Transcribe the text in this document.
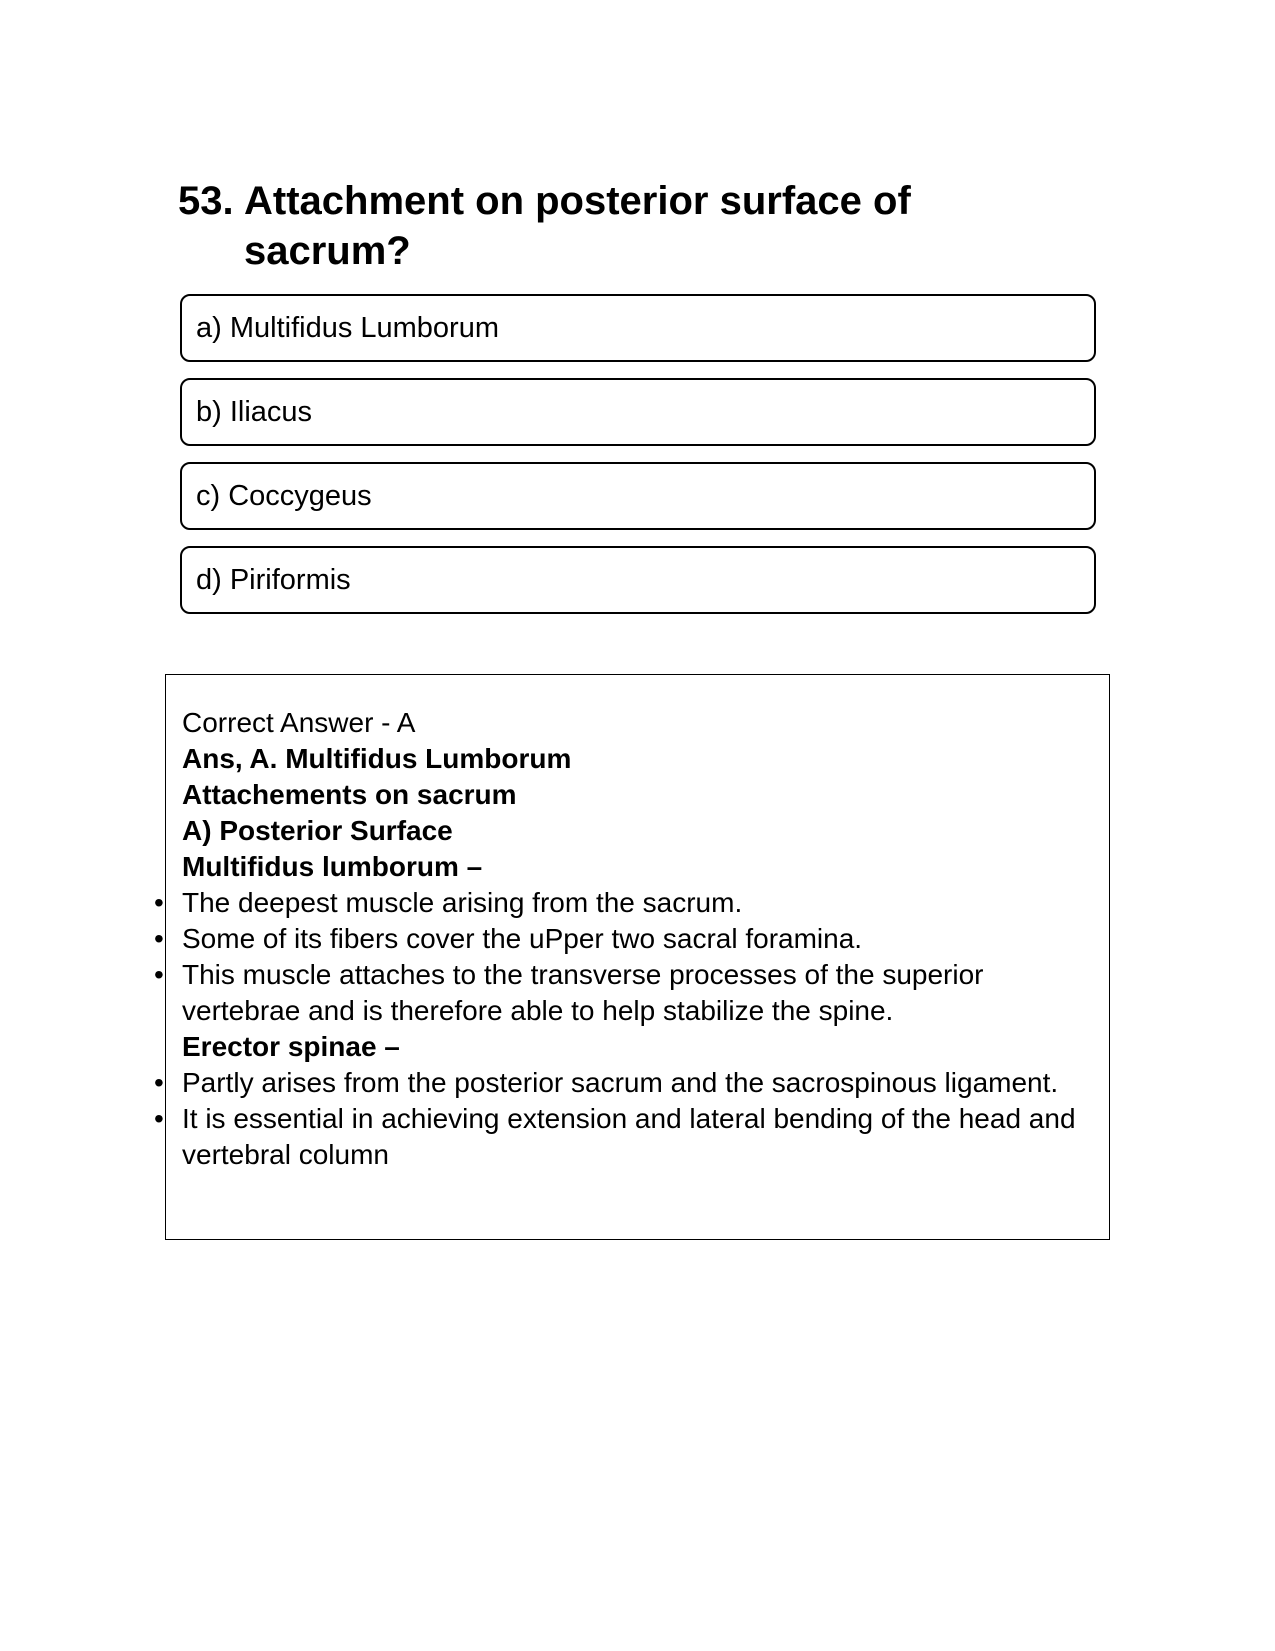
53. Attachment on posterior surface of sacrum?
a) Multifidus Lumborum
b) Iliacus
c) Coccygeus
d) Piriformis

Correct Answer - A

Ans, A. Multifidus Lumborum

Attachements on sacrum

A) Posterior Surface

Multifidus lumborum –

• The deepest muscle arising from the sacrum.
• Some of its fibers cover the uPper two sacral foramina.
• This muscle attaches to the transverse processes of the superior vertebrae and is therefore able to help stabilize the spine.

Erector spinae –

• Partly arises from the posterior sacrum and the sacrospinous ligament.
• It is essential in achieving extension and lateral bending of the head and vertebral column
